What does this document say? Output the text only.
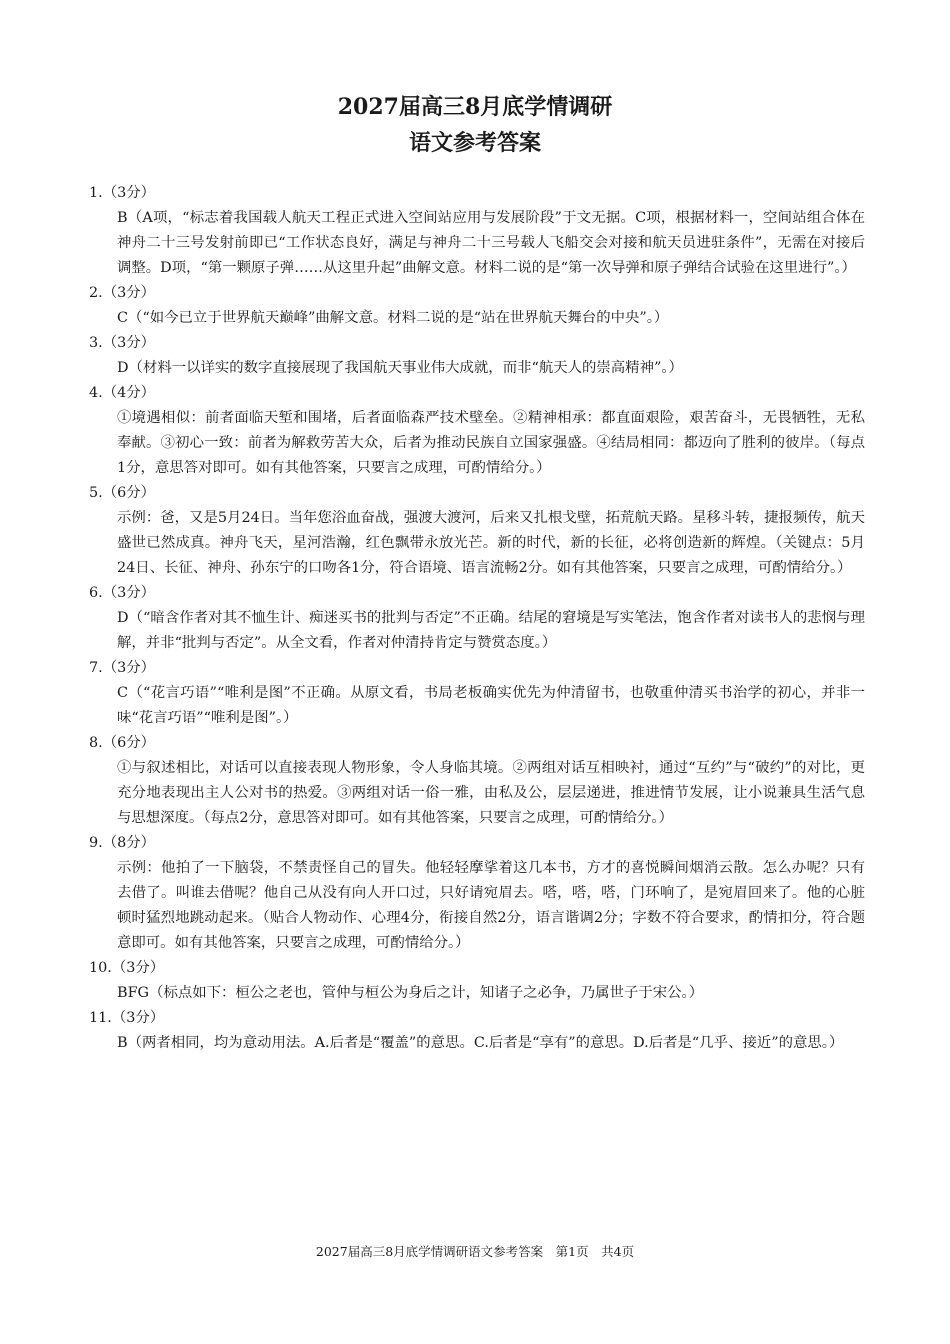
2027届高三8月底学情调研
语文参考答案

1.（3分）

B（A项，“标志着我国载人航天工程正式进入空间站应用与发展阶段”于文无据。C项，根据材料一，空间站组合体在神舟二十三号发射前即已“工作状态良好，满足与神舟二十三号载人飞船交会对接和航天员进驻条件”，无需在对接后调整。D项，“第一颗原子弹……从这里升起”曲解文意。材料二说的是“第一次导弹和原子弹结合试验在这里进行”。）

2.（3分）

C（“如今已立于世界航天巅峰”曲解文意。材料二说的是“站在世界航天舞台的中央”。）

3.（3分）

D（材料一以详实的数字直接展现了我国航天事业伟大成就，而非“航天人的崇高精神”。）

4.（4分）

①境遇相似：前者面临天堑和围堵，后者面临森严技术壁垒。②精神相承：都直面艰险，艰苦奋斗，无畏牺牲，无私奉献。③初心一致：前者为解救劳苦大众，后者为推动民族自立国家强盛。④结局相同：都迈向了胜利的彼岸。（每点1分，意思答对即可。如有其他答案，只要言之成理，可酌情给分。）

5.（6分）

示例：爸，又是5月24日。当年您浴血奋战，强渡大渡河，后来又扎根戈壁，拓荒航天路。星移斗转，捷报频传，航天盛世已然成真。神舟飞天，星河浩瀚，红色飘带永放光芒。新的时代，新的长征，必将创造新的辉煌。（关键点：5月24日、长征、神舟、孙东宁的口吻各1分，符合语境、语言流畅2分。如有其他答案，只要言之成理，可酌情给分。）

6.（3分）

D（“暗含作者对其不恤生计、痴迷买书的批判与否定”不正确。结尾的窘境是写实笔法，饱含作者对读书人的悲悯与理解，并非“批判与否定”。从全文看，作者对仲清持肯定与赞赏态度。）

7.（3分）

C（“花言巧语”“唯利是图”不正确。从原文看，书局老板确实优先为仲清留书，也敬重仲清买书治学的初心，并非一味“花言巧语”“唯利是图”。）

8.（6分）

①与叙述相比，对话可以直接表现人物形象，令人身临其境。②两组对话互相映衬，通过“互约”与“破约”的对比，更充分地表现出主人公对书的热爱。③两组对话一俗一雅，由私及公，层层递进，推进情节发展，让小说兼具生活气息与思想深度。（每点2分，意思答对即可。如有其他答案，只要言之成理，可酌情给分。）

9.（8分）

示例：他拍了一下脑袋，不禁责怪自己的冒失。他轻轻摩挲着这几本书，方才的喜悦瞬间烟消云散。怎么办呢？只有去借了。叫谁去借呢？他自己从没有向人开口过，只好请宛眉去。嗒，嗒，嗒，门环响了，是宛眉回来了。他的心脏顿时猛烈地跳动起来。（贴合人物动作、心理4分，衔接自然2分，语言谐调2分；字数不符合要求，酌情扣分，符合题意即可。如有其他答案，只要言之成理，可酌情给分。）

10.（3分）

BFG（标点如下：桓公之老也，管仲与桓公为身后之计，知诸子之必争，乃属世子于宋公。）

11.（3分）

B（两者相同，均为意动用法。A.后者是“覆盖”的意思。C.后者是“享有”的意思。D.后者是“几乎、接近”的意思。）

2027届高三8月底学情调研语文参考答案　第1页　共4页
